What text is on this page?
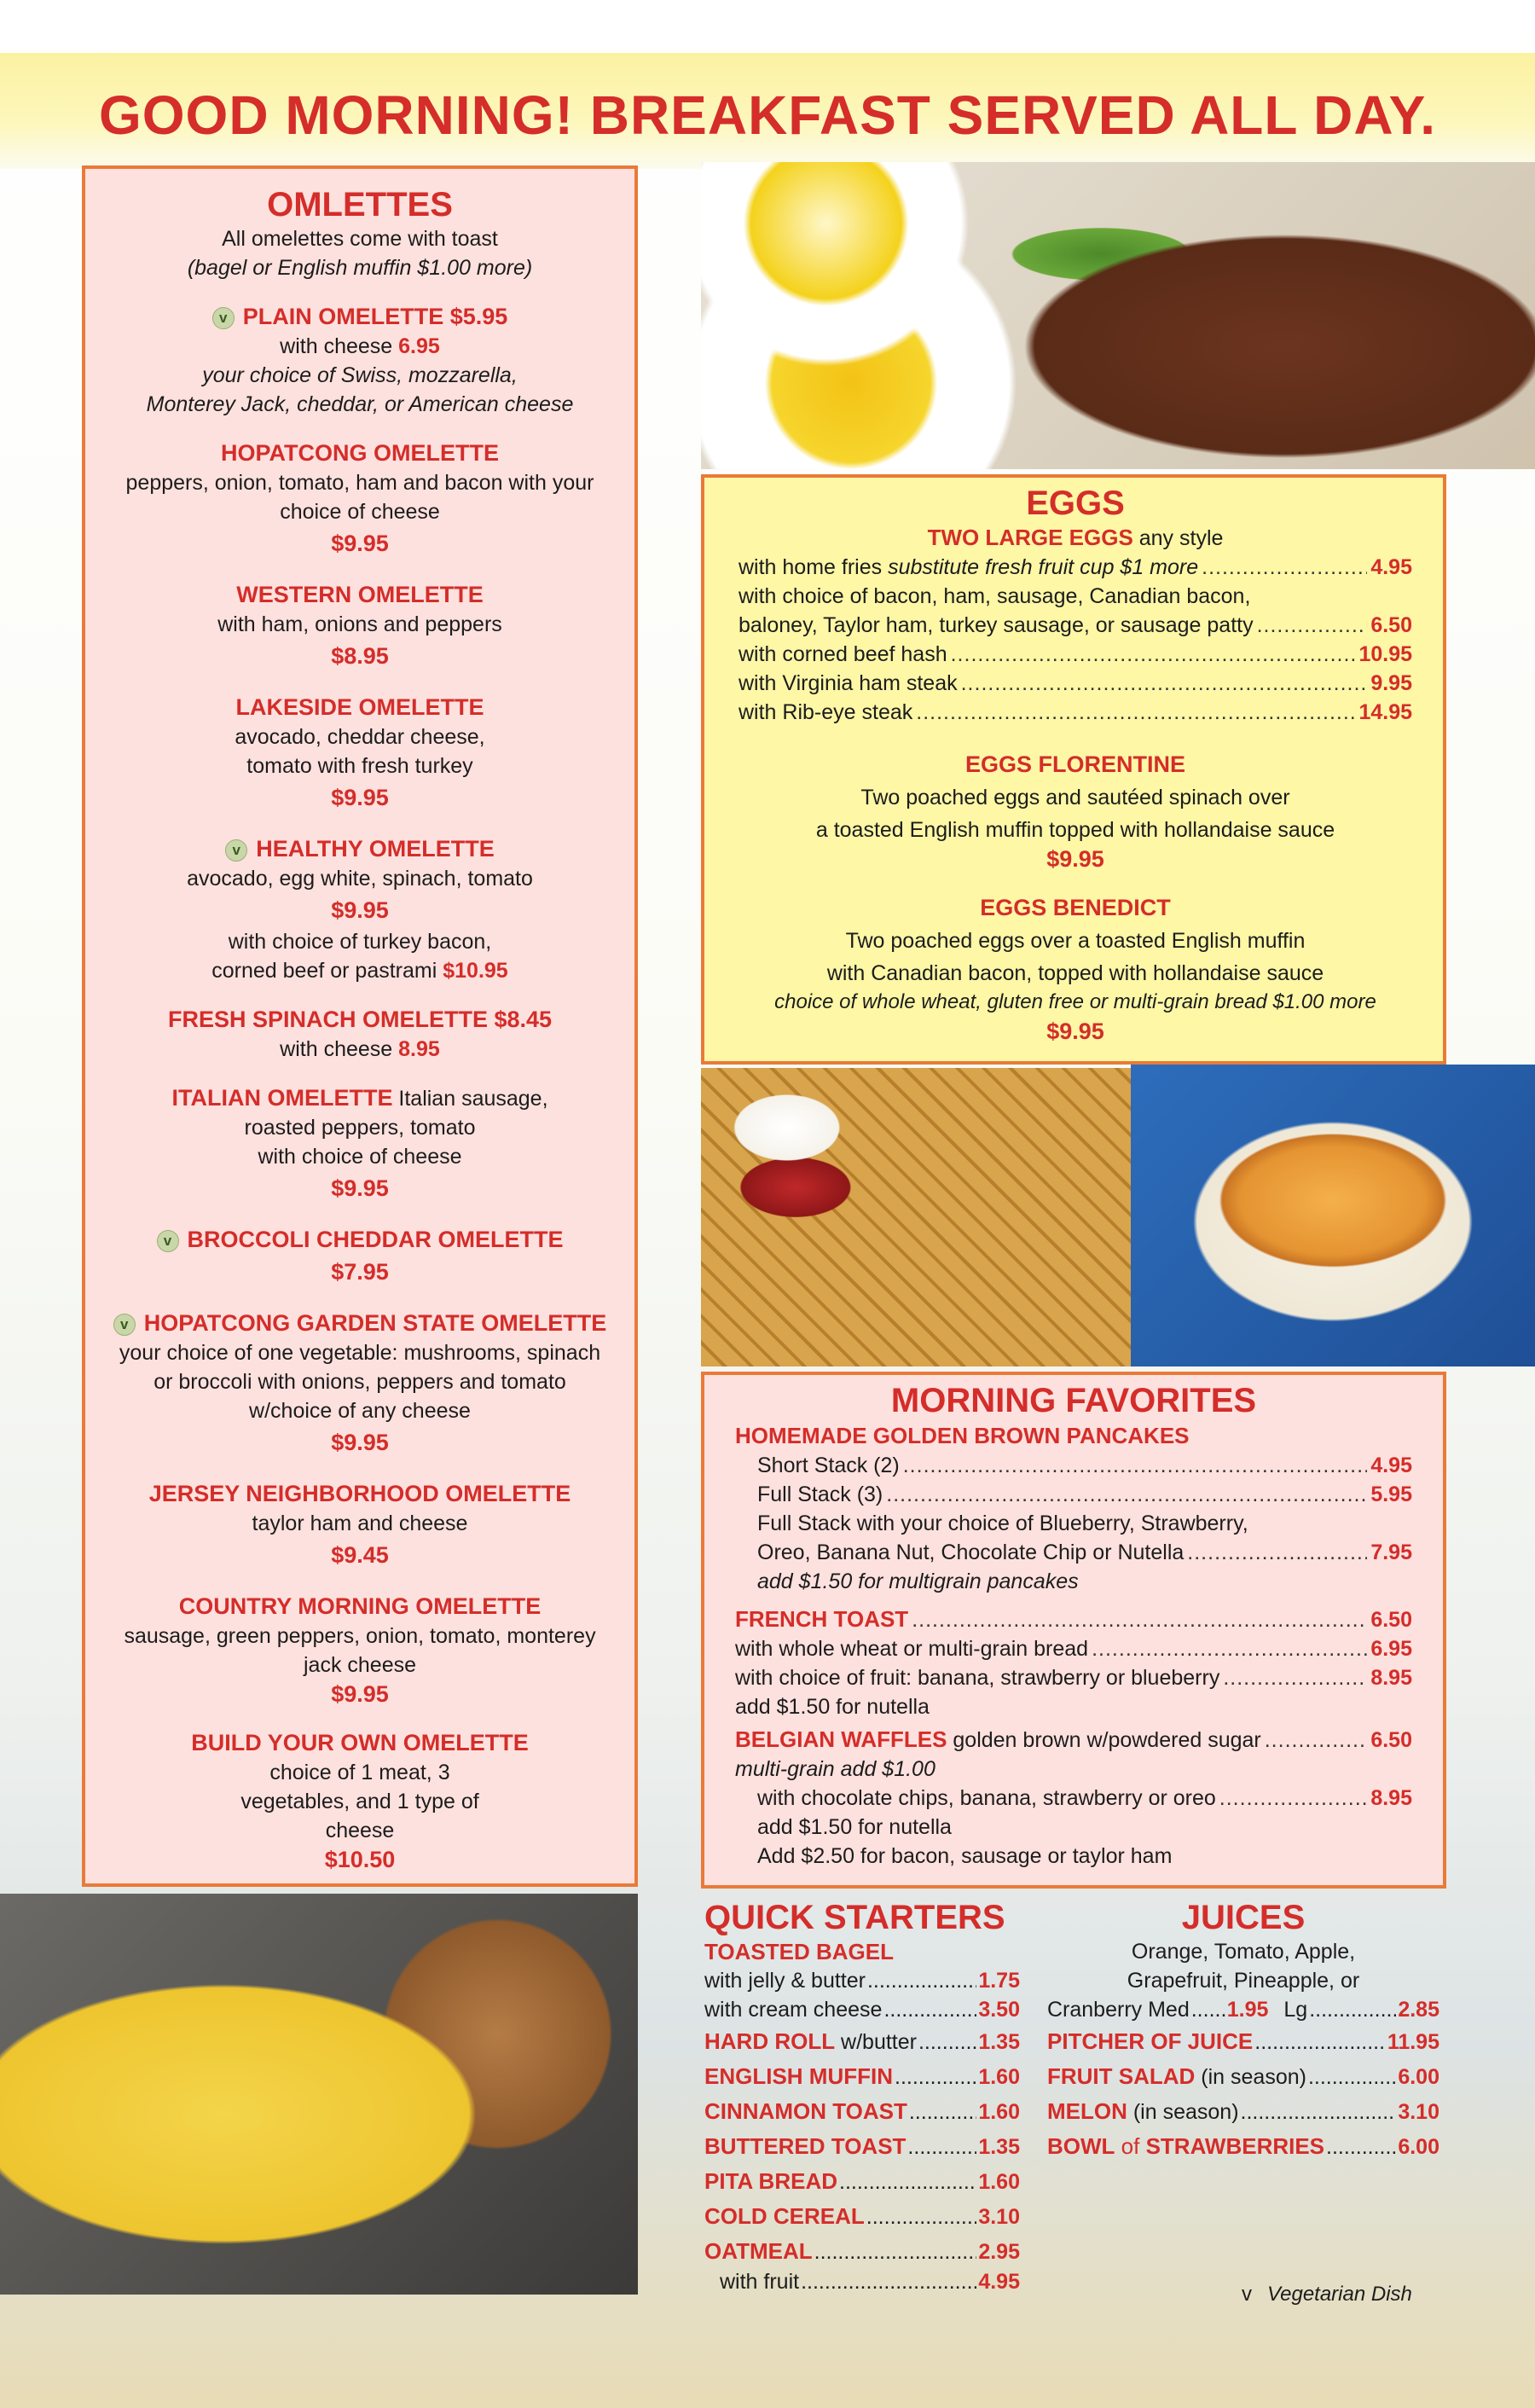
GOOD MORNING! BREAKFAST SERVED ALL DAY.
OMLETTES
All omelettes come with toast
(bagel or English muffin $1.00 more)
v PLAIN OMELETTE $5.95
with cheese 6.95
your choice of Swiss, mozzarella,
Monterey Jack, cheddar, or American cheese
HOPATCONG OMELETTE
peppers, onion, tomato, ham and bacon with your choice of cheese
$9.95
WESTERN OMELETTE
with ham, onions and peppers
$8.95
LAKESIDE OMELETTE
avocado, cheddar cheese, tomato with fresh turkey
$9.95
v HEALTHY OMELETTE
avocado, egg white, spinach, tomato
$9.95
with choice of turkey bacon,
corned beef or pastrami $10.95
FRESH SPINACH OMELETTE $8.45
with cheese 8.95
ITALIAN OMELETTE Italian sausage,
roasted peppers, tomato with choice of cheese
$9.95
v BROCCOLI CHEDDAR OMELETTE
$7.95
v HOPATCONG GARDEN STATE OMELETTE
your choice of one vegetable: mushrooms, spinach or broccoli with onions, peppers and tomato w/choice of any cheese
$9.95
JERSEY NEIGHBORHOOD OMELETTE
taylor ham and cheese
$9.45
COUNTRY MORNING OMELETTE
sausage, green peppers, onion, tomato, monterey jack cheese
$9.95
BUILD YOUR OWN OMELETTE
choice of 1 meat, 3 vegetables, and 1 type of cheese
$10.50
EGGS
TWO LARGE EGGS any style
with home fries substitute fresh fruit cup $1 more .....	4.95
with choice of bacon, ham, sausage, Canadian bacon,
baloney, Taylor ham, turkey sausage, or sausage patty .....	6.50
with corned beef hash .....	10.95
with Virginia ham steak .....	9.95
with Rib-eye steak .....	14.95
EGGS FLORENTINE
Two poached eggs and sautéed spinach over
a toasted English muffin topped with hollandaise sauce
$9.95
EGGS BENEDICT
Two poached eggs over a toasted English muffin
with Canadian bacon, topped with hollandaise sauce
choice of whole wheat, gluten free or multi-grain bread $1.00 more
$9.95
MORNING FAVORITES
HOMEMADE GOLDEN BROWN PANCAKES
Short Stack (2) .....	4.95
Full Stack (3) .....	5.95
Full Stack with your choice of Blueberry, Strawberry,
Oreo, Banana Nut, Chocolate Chip or Nutella .....	7.95
add $1.50 for multigrain pancakes
FRENCH TOAST .....	6.50
with whole wheat or multi-grain bread .....	6.95
with choice of fruit: banana, strawberry or blueberry .....	8.95
add $1.50 for nutella
BELGIAN WAFFLES golden brown w/powdered sugar .....	6.50
multi-grain add $1.00
with chocolate chips, banana, strawberry or oreo .....	8.95
add $1.50 for nutella
Add $2.50 for bacon, sausage or taylor ham
QUICK STARTERS
TOASTED BAGEL
with jelly & butter .....	1.75
with cream cheese .....	3.50
HARD ROLL w/butter .....	1.35
ENGLISH MUFFIN .....	1.60
CINNAMON TOAST .....	1.60
BUTTERED TOAST .....	1.35
PITA BREAD .....	1.60
COLD CEREAL .....	3.10
OATMEAL .....	2.95
with fruit .....	4.95
JUICES
Orange, Tomato, Apple,
Grapefruit, Pineapple, or
Cranberry Med ..... 1.95 Lg .....	2.85
PITCHER OF JUICE .....	11.95
FRUIT SALAD (in season) .....	6.00
MELON (in season) .....	3.10
BOWL of STRAWBERRIES .....	6.00
v Vegetarian Dish
